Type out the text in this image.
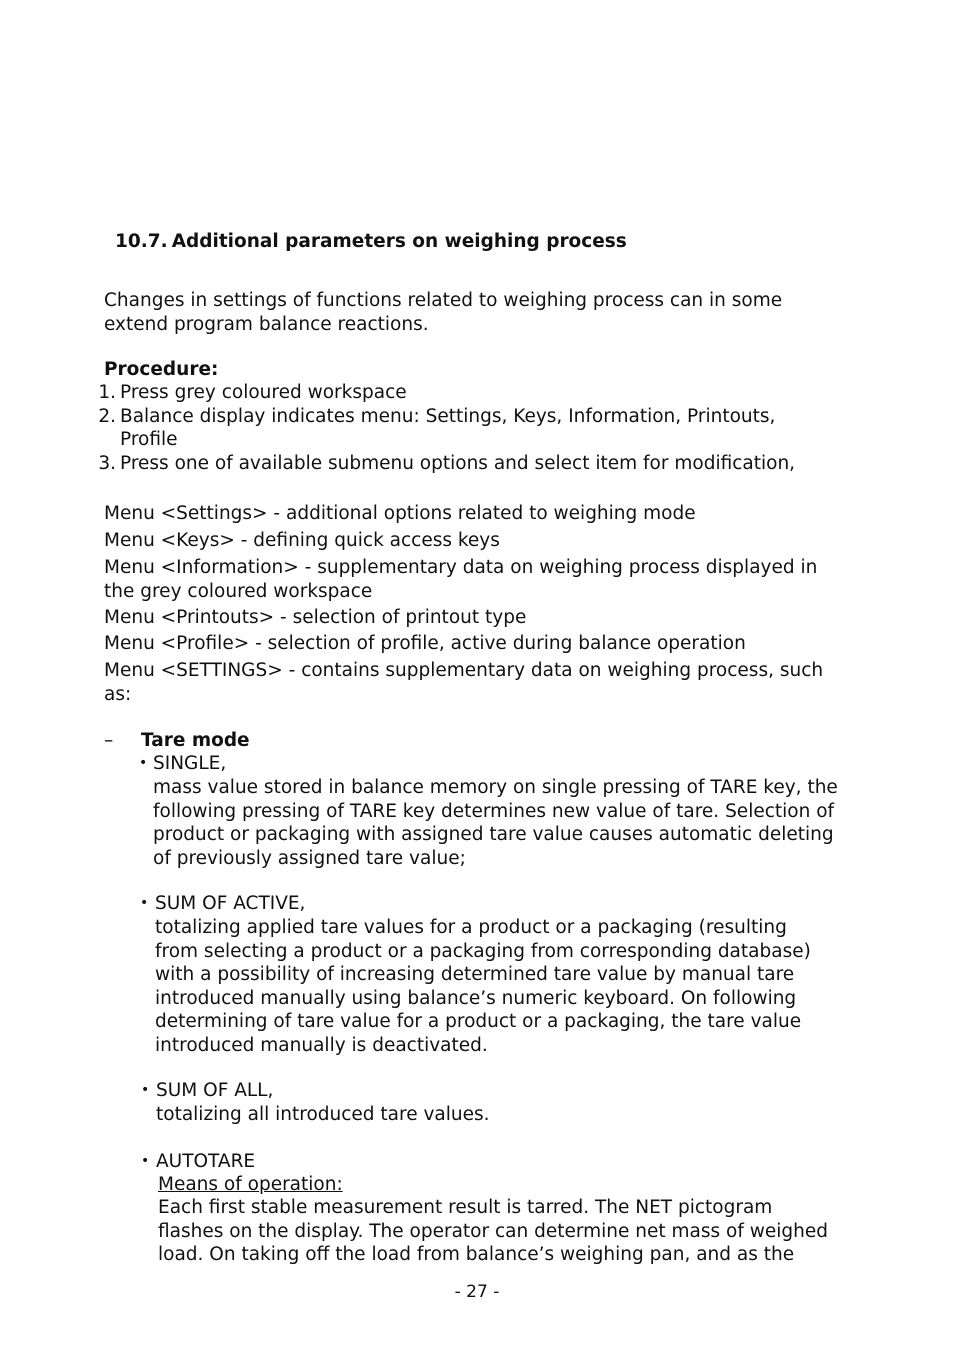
10.7. Additional parameters on weighing process
Changes in settings of functions related to weighing process can in some
extend program balance reactions.
Procedure:
1. Press grey coloured workspace
2. Balance display indicates menu: Settings, Keys, Information, Printouts,
Profile
3. Press one of available submenu options and select item for modification,
Menu <Settings> - additional options related to weighing mode
Menu <Keys> - defining quick access keys
Menu <Information> - supplementary data on weighing process displayed in
the grey coloured workspace
Menu <Printouts> - selection of printout type
Menu <Profile> - selection of profile, active during balance operation
Menu <SETTINGS> - contains supplementary data on weighing process, such
as:
– Tare mode
• SINGLE,
mass value stored in balance memory on single pressing of TARE key, the
following pressing of TARE key determines new value of tare. Selection of
product or packaging with assigned tare value causes automatic deleting
of previously assigned tare value;
• SUM OF ACTIVE,
totalizing applied tare values for a product or a packaging (resulting
from selecting a product or a packaging from corresponding database)
with a possibility of increasing determined tare value by manual tare
introduced manually using balance’s numeric keyboard. On following
determining of tare value for a product or a packaging, the tare value
introduced manually is deactivated.
• SUM OF ALL,
totalizing all introduced tare values.
• AUTOTARE
Means of operation:
Each first stable measurement result is tarred. The NET pictogram
flashes on the display. The operator can determine net mass of weighed
load. On taking off the load from balance’s weighing pan, and as the
- 27 -
